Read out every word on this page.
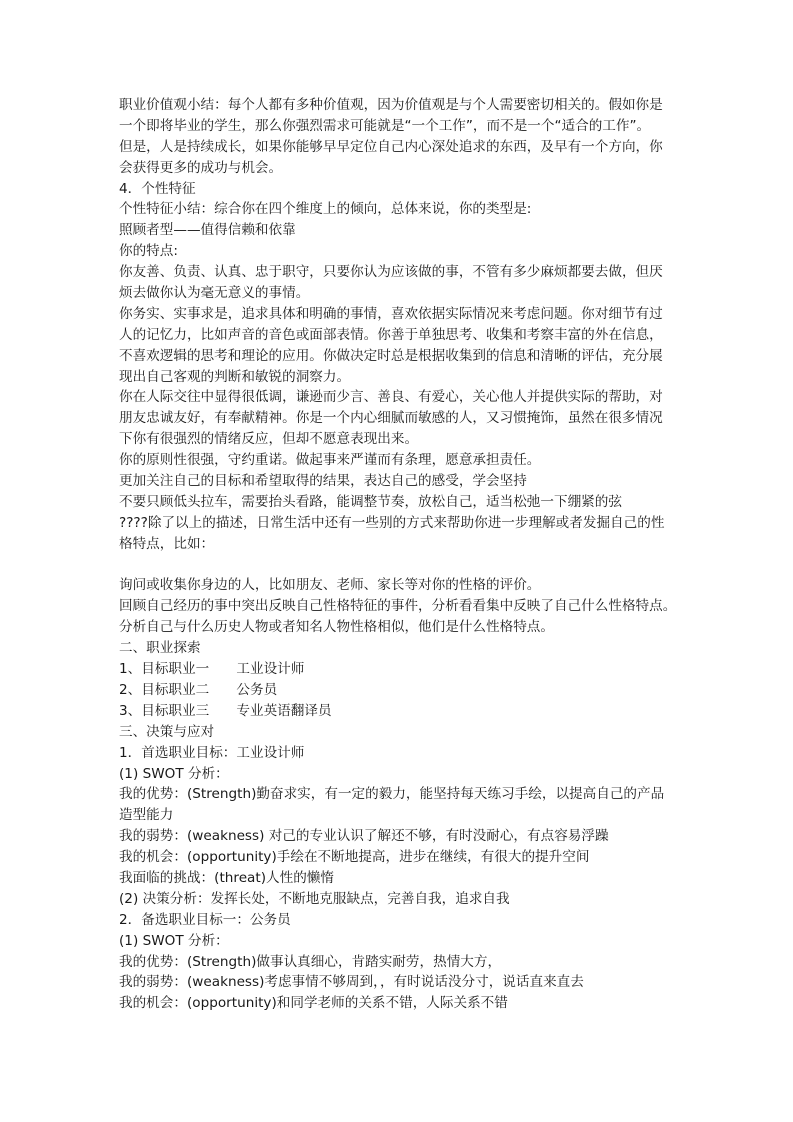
职业价值观小结：每个人都有多种价值观，因为价值观是与个人需要密切相关的。假如你是
一个即将毕业的学生，那么你强烈需求可能就是“一个工作”，而不是一个“适合的工作”。
但是，人是持续成长，如果你能够早早定位自己内心深处追求的东西，及早有一个方向，你
会获得更多的成功与机会。
4．个性特征
个性特征小结：综合你在四个维度上的倾向，总体来说，你的类型是:
照顾者型——值得信赖和依靠
你的特点:
你友善、负责、认真、忠于职守，只要你认为应该做的事，不管有多少麻烦都要去做，但厌
烦去做你认为毫无意义的事情。
你务实、实事求是，追求具体和明确的事情，喜欢依据实际情况来考虑问题。你对细节有过
人的记忆力，比如声音的音色或面部表情。你善于单独思考、收集和考察丰富的外在信息，
不喜欢逻辑的思考和理论的应用。你做决定时总是根据收集到的信息和清晰的评估，充分展
现出自己客观的判断和敏锐的洞察力。
你在人际交往中显得很低调，谦逊而少言、善良、有爱心，关心他人并提供实际的帮助，对
朋友忠诚友好，有奉献精神。你是一个内心细腻而敏感的人，又习惯掩饰，虽然在很多情况
下你有很强烈的情绪反应，但却不愿意表现出来。
你的原则性很强，守约重诺。做起事来严谨而有条理，愿意承担责任。
更加关注自己的目标和希望取得的结果，表达自己的感受，学会坚持
不要只顾低头拉车，需要抬头看路，能调整节奏，放松自己，适当松弛一下绷紧的弦
????除了以上的描述，日常生活中还有一些别的方式来帮助你进一步理解或者发掘自己的性
格特点，比如：
询问或收集你身边的人，比如朋友、老师、家长等对你的性格的评价。
回顾自己经历的事中突出反映自己性格特征的事件，分析看看集中反映了自己什么性格特点。
分析自己与什么历史人物或者知名人物性格相似，他们是什么性格特点。
二、职业探索
1、目标职业一　　工业设计师
2、目标职业二　　公务员
3、目标职业三　　专业英语翻译员
三、决策与应对
1．首选职业目标：工业设计师
(1) SWOT 分析：
我的优势：(Strength)勤奋求实，有一定的毅力，能坚持每天练习手绘，以提高自己的产品
造型能力
我的弱势：(weakness) 对己的专业认识了解还不够，有时没耐心，有点容易浮躁
我的机会：(opportunity)手绘在不断地提高，进步在继续，有很大的提升空间
我面临的挑战：(threat)人性的懒惰
(2) 决策分析：发挥长处，不断地克服缺点，完善自我，追求自我
2．备选职业目标一：公务员
(1) SWOT 分析：
我的优势：(Strength)做事认真细心，肯踏实耐劳，热情大方，
我的弱势：(weakness)考虑事情不够周到，，有时说话没分寸，说话直来直去
我的机会：(opportunity)和同学老师的关系不错，人际关系不错
